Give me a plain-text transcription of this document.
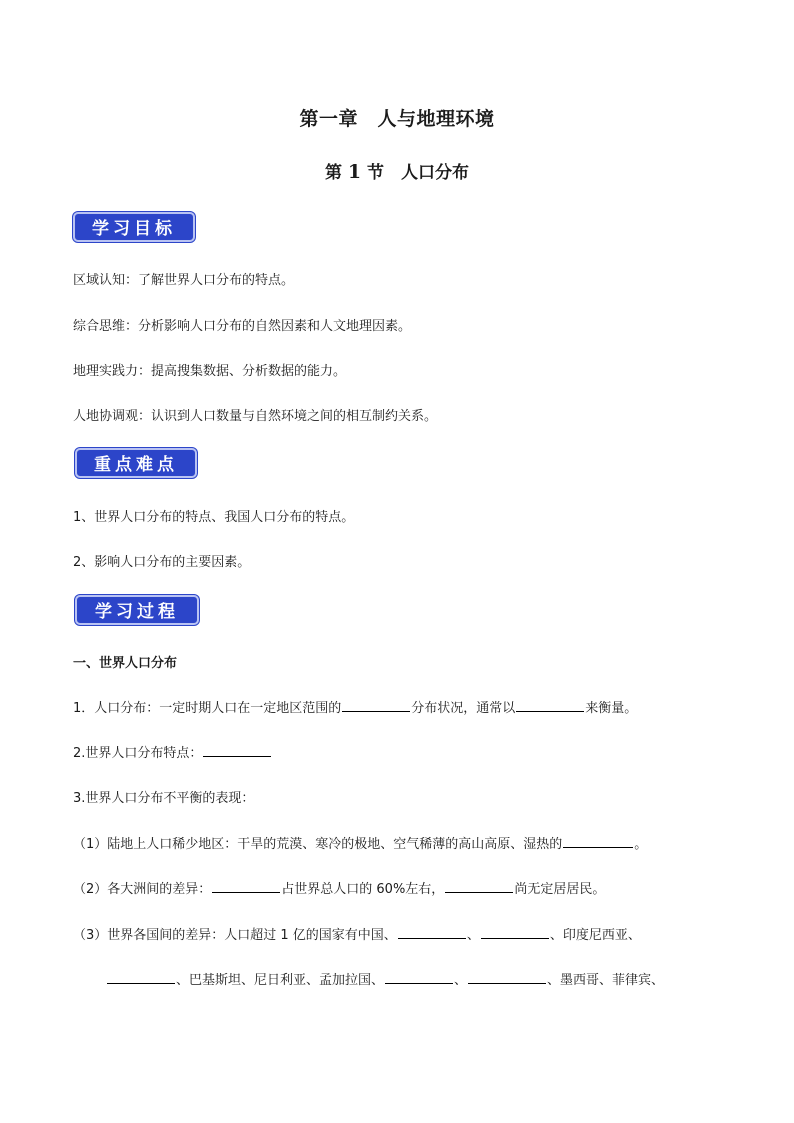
第一章　人与地理环境
第 1 节　人口分布
学习目标
区域认知：了解世界人口分布的特点。
综合思维：分析影响人口分布的自然因素和人文地理因素。
地理实践力：提高搜集数据、分析数据的能力。
人地协调观：认识到人口数量与自然环境之间的相互制约关系。
重点难点
1、世界人口分布的特点、我国人口分布的特点。
2、影响人口分布的主要因素。
学习过程
一、世界人口分布
1．人口分布：一定时期人口在一定地区范围的	分布状况，通常以	来衡量。
2.世界人口分布特点：
3.世界人口分布不平衡的表现：
（1）陆地上人口稀少地区：干旱的荒漠、寒冷的极地、空气稀薄的高山高原、湿热的	。
（2）各大洲间的差异：	占世界总人口的 60%左右，	尚无定居居民。
（3）世界各国间的差异：人口超过 1 亿的国家有中国、	、	、印度尼西亚、
、巴基斯坦、尼日利亚、孟加拉国、	、	、墨西哥、菲律宾、
